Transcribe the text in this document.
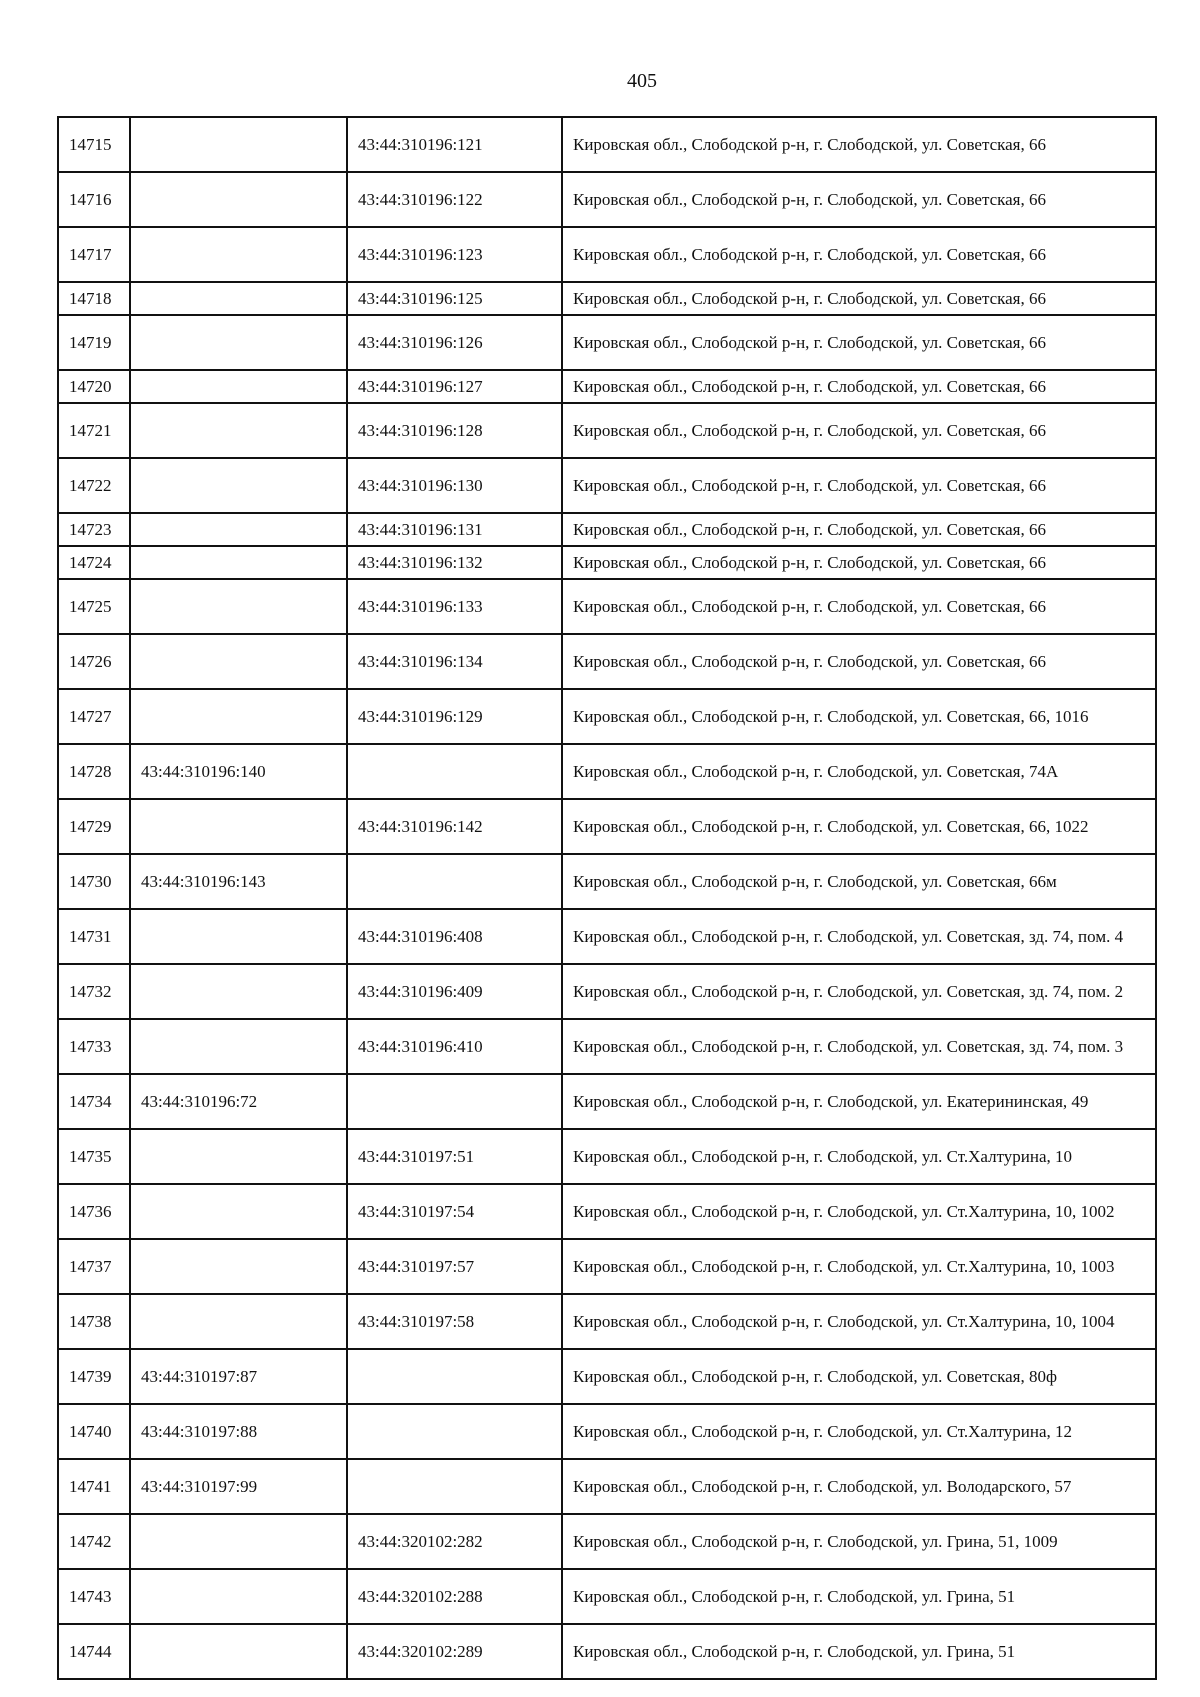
405
14715		43:44:310196:121	Кировская обл., Слободской р-н, г. Слободской, ул. Советская, 66
14716		43:44:310196:122	Кировская обл., Слободской р-н, г. Слободской, ул. Советская, 66
14717		43:44:310196:123	Кировская обл., Слободской р-н, г. Слободской, ул. Советская, 66
14718		43:44:310196:125	Кировская обл., Слободской р-н, г. Слободской, ул. Советская, 66
14719		43:44:310196:126	Кировская обл., Слободской р-н, г. Слободской, ул. Советская, 66
14720		43:44:310196:127	Кировская обл., Слободской р-н, г. Слободской, ул. Советская, 66
14721		43:44:310196:128	Кировская обл., Слободской р-н, г. Слободской, ул. Советская, 66
14722		43:44:310196:130	Кировская обл., Слободской р-н, г. Слободской, ул. Советская, 66
14723		43:44:310196:131	Кировская обл., Слободской р-н, г. Слободской, ул. Советская, 66
14724		43:44:310196:132	Кировская обл., Слободской р-н, г. Слободской, ул. Советская, 66
14725		43:44:310196:133	Кировская обл., Слободской р-н, г. Слободской, ул. Советская, 66
14726		43:44:310196:134	Кировская обл., Слободской р-н, г. Слободской, ул. Советская, 66
14727		43:44:310196:129	Кировская обл., Слободской р-н, г. Слободской, ул. Советская, 66, 1016
14728	43:44:310196:140		Кировская обл., Слободской р-н, г. Слободской, ул. Советская, 74А
14729		43:44:310196:142	Кировская обл., Слободской р-н, г. Слободской, ул. Советская, 66, 1022
14730	43:44:310196:143		Кировская обл., Слободской р-н, г. Слободской, ул. Советская, 66м
14731		43:44:310196:408	Кировская обл., Слободской р-н, г. Слободской, ул. Советская, зд. 74, пом. 4
14732		43:44:310196:409	Кировская обл., Слободской р-н, г. Слободской, ул. Советская, зд. 74, пом. 2
14733		43:44:310196:410	Кировская обл., Слободской р-н, г. Слободской, ул. Советская, зд. 74, пом. 3
14734	43:44:310196:72		Кировская обл., Слободской р-н, г. Слободской, ул. Екатерининская, 49
14735		43:44:310197:51	Кировская обл., Слободской р-н, г. Слободской, ул. Ст.Халтурина, 10
14736		43:44:310197:54	Кировская обл., Слободской р-н, г. Слободской, ул. Ст.Халтурина, 10, 1002
14737		43:44:310197:57	Кировская обл., Слободской р-н, г. Слободской, ул. Ст.Халтурина, 10, 1003
14738		43:44:310197:58	Кировская обл., Слободской р-н, г. Слободской, ул. Ст.Халтурина, 10, 1004
14739	43:44:310197:87		Кировская обл., Слободской р-н, г. Слободской, ул. Советская, 80ф
14740	43:44:310197:88		Кировская обл., Слободской р-н, г. Слободской, ул. Ст.Халтурина, 12
14741	43:44:310197:99		Кировская обл., Слободской р-н, г. Слободской, ул. Володарского, 57
14742		43:44:320102:282	Кировская обл., Слободской р-н, г. Слободской, ул. Грина, 51, 1009
14743		43:44:320102:288	Кировская обл., Слободской р-н, г. Слободской, ул. Грина, 51
14744		43:44:320102:289	Кировская обл., Слободской р-н, г. Слободской, ул. Грина, 51
